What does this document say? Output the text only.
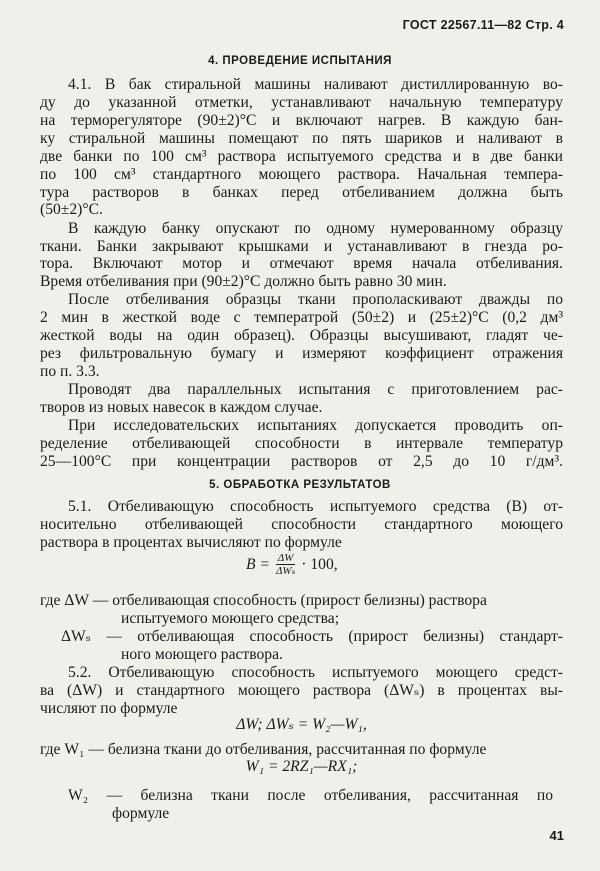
ГОСТ 22567.11—82 Стр. 4
4. ПРОВЕДЕНИЕ ИСПЫТАНИЯ
4.1. В бак стиральной машины наливают дистиллированную во-
ду до указанной отметки, устанавливают начальную температуру
на терморегуляторе (90±2)°С и включают нагрев. В каждую бан-
ку стиральной машины помещают по пять шариков и наливают в
две банки по 100 см³ раствора испытуемого средства и в две банки
по 100 см³ стандартного моющего раствора. Начальная темпера-
тура растворов в банках перед отбеливанием должна быть
(50±2)°С.
В каждую банку опускают по одному нумерованному образцу
ткани. Банки закрывают крышками и устанавливают в гнезда ро-
тора. Включают мотор и отмечают время начала отбеливания.
Время отбеливания при (90±2)°С должно быть равно 30 мин.
После отбеливания образцы ткани прополаскивают дважды по
2 мин в жесткой воде с температрой (50±2) и (25±2)°С (0,2 дм³
жесткой воды на один образец). Образцы высушивают, гладят че-
рез фильтровальную бумагу и измеряют коэффициент отражения
по п. 3.3.
Проводят два параллельных испытания с приготовлением рас-
творов из новых навесок в каждом случае.
При исследовательских испытаниях допускается проводить оп-
ределение отбеливающей способности в интервале температур
25—100°С при концентрации растворов от 2,5 до 10 г/дм³.
5. ОБРАБОТКА РЕЗУЛЬТАТОВ
5.1. Отбеливающую способность испытуемого средства (B) от-
носительно отбеливающей способности стандартного моющего
раствора в процентах вычисляют по формуле
$B = \frac{\Delta W}{\text{ΔWₛ}} \cdot 100$,
где ΔW — отбеливающая способность (прирост белизны) раствора
испытуемого моющего средства;
ΔWₛ — отбеливающая способность (прирост белизны) стандарт-
ного моющего раствора.
5.2. Отбеливающую способность испытуемого моющего средст-
ва (ΔW) и стандартного моющего раствора (ΔWₛ) в процентах вы-
числяют по формуле
ΔW; ΔWₛ = W₂—W₁,
где W₁ — белизна ткани до отбеливания, рассчитанная по формуле
W₁ = 2RZ₁—RX₁;
W₂ — белизна ткани после отбеливания, рассчитанная по
формуле
41
